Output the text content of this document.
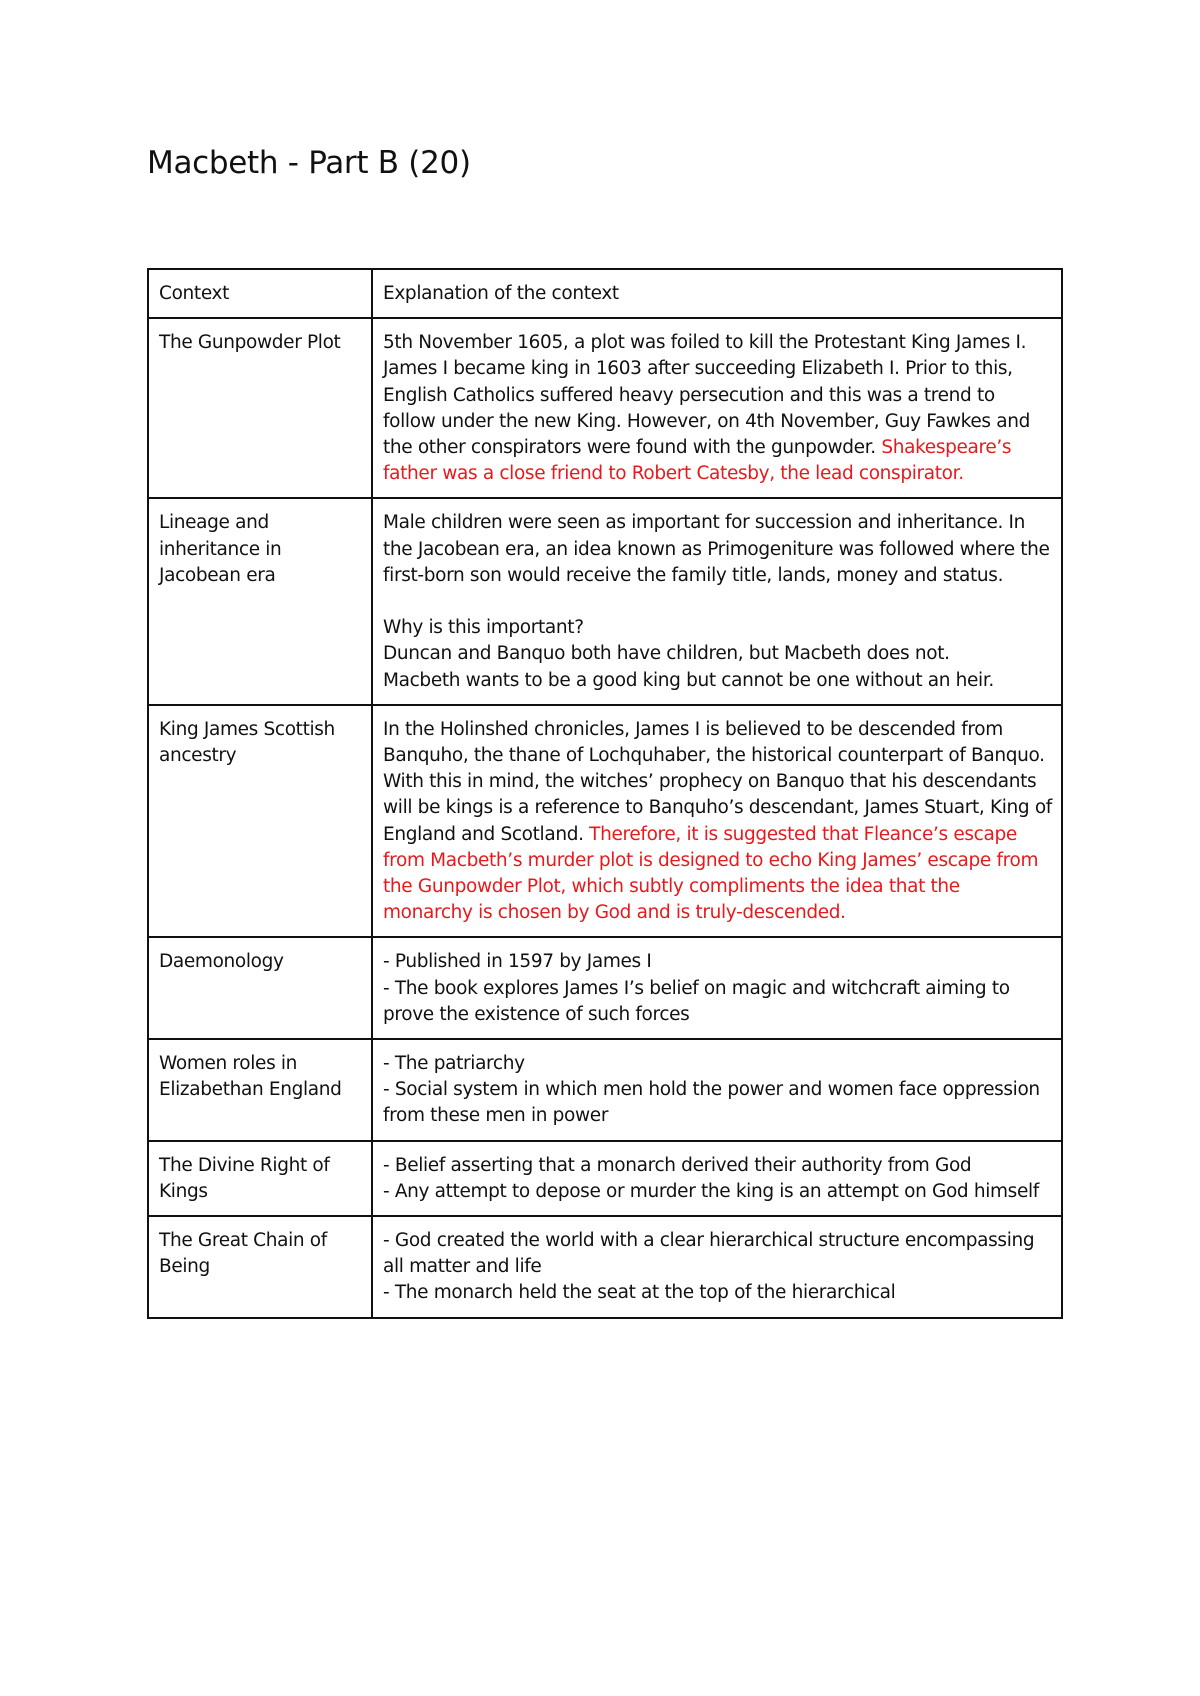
Macbeth - Part B (20)
Context	Explanation of the context
The Gunpowder Plot	5th November 1605, a plot was foiled to kill the Protestant King James I. James I became king in 1603 after succeeding Elizabeth I. Prior to this, English Catholics suffered heavy persecution and this was a trend to follow under the new King. However, on 4th November, Guy Fawkes and the other conspirators were found with the gunpowder. Shakespeare’s father was a close friend to Robert Catesby, the lead conspirator.
Lineage and inheritance in Jacobean era	Male children were seen as important for succession and inheritance. In the Jacobean era, an idea known as Primogeniture was followed where the first-born son would receive the family title, lands, money and status.
Why is this important?
Duncan and Banquo both have children, but Macbeth does not.
Macbeth wants to be a good king but cannot be one without an heir.

King James Scottish ancestry	In the Holinshed chronicles, James I is believed to be descended from Banquho, the thane of Lochquhaber, the historical counterpart of Banquo. With this in mind, the witches’ prophecy on Banquo that his descendants will be kings is a reference to Banquho’s descendant, James Stuart, King of England and Scotland. Therefore, it is suggested that Fleance’s escape from Macbeth’s murder plot is designed to echo King James’ escape from the Gunpowder Plot, which subtly compliments the idea that the monarchy is chosen by God and is truly-descended.
Daemonology	- Published in 1597 by James I
- The book explores James I’s belief on magic and witchcraft aiming to prove the existence of such forces

Women roles in Elizabethan England	- The patriarchy
- Social system in which men hold the power and women face oppression from these men in power

The Divine Right of Kings	- Belief asserting that a monarch derived their authority from God
- Any attempt to depose or murder the king is an attempt on God himself

The Great Chain of Being	- God created the world with a clear hierarchical structure encompassing all matter and life
- The monarch held the seat at the top of the hierarchical
